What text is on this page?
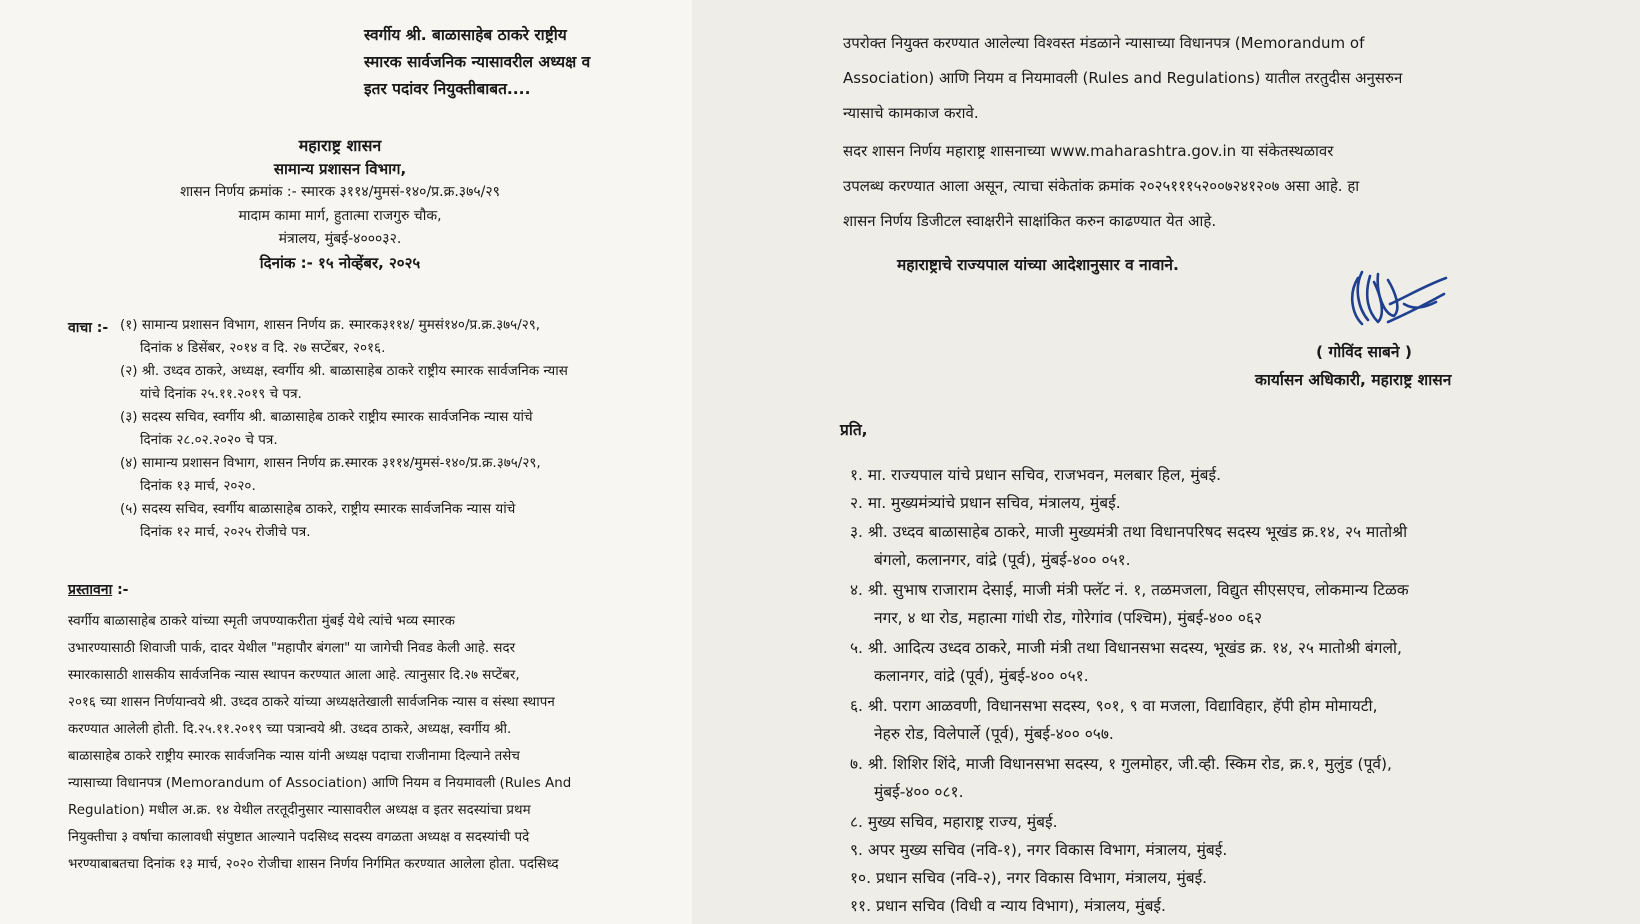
स्वर्गीय श्री. बाळासाहेब ठाकरे राष्ट्रीय
स्मारक सार्वजनिक न्यासावरील अध्यक्ष व
इतर पदांवर नियुक्तीबाबत....
महाराष्ट्र शासन
सामान्य प्रशासन विभाग,
शासन निर्णय क्रमांक :- स्मारक ३११४/मुमसं-१४०/प्र.क्र.३७५/२९
मादाम कामा मार्ग, हुतात्मा राजगुरु चौक,
मंत्रालय, मुंबई-४०००३२.
दिनांक :- १५ नोव्हेंबर, २०२५
वाचा :- (१) सामान्य प्रशासन विभाग, शासन निर्णय क्र. स्मारक३११४/ मुमसं१४०/प्र.क्र.३७५/२९,
दिनांक ४ डिसेंबर, २०१४ व दि. २७ सप्टेंबर, २०१६.
(२) श्री. उध्दव ठाकरे, अध्यक्ष, स्वर्गीय श्री. बाळासाहेब ठाकरे राष्ट्रीय स्मारक सार्वजनिक न्यास
यांचे दिनांक २५.११.२०१९ चे पत्र.
(३) सदस्य सचिव, स्वर्गीय श्री. बाळासाहेब ठाकरे राष्ट्रीय स्मारक सार्वजनिक न्यास यांचे
दिनांक २८.०२.२०२० चे पत्र.
(४) सामान्य प्रशासन विभाग, शासन निर्णय क्र.स्मारक ३११४/मुमसं-१४०/प्र.क्र.३७५/२९,
दिनांक १३ मार्च, २०२०.
(५) सदस्य सचिव, स्वर्गीय बाळासाहेब ठाकरे, राष्ट्रीय स्मारक सार्वजनिक न्यास यांचे
दिनांक १२ मार्च, २०२५ रोजीचे पत्र.
प्रस्तावना :-
स्वर्गीय बाळासाहेब ठाकरे यांच्या स्मृती जपण्याकरीता मुंबई येथे त्यांचे भव्य स्मारक
उभारण्यासाठी शिवाजी पार्क, दादर येथील "महापौर बंगला" या जागेची निवड केली आहे. सदर
स्मारकासाठी शासकीय सार्वजनिक न्यास स्थापन करण्यात आला आहे. त्यानुसार दि.२७ सप्टेंबर,
२०१६ च्या शासन निर्णयान्वये श्री. उध्दव ठाकरे यांच्या अध्यक्षतेखाली सार्वजनिक न्यास व संस्था स्थापन
करण्यात आलेली होती. दि.२५.११.२०१९ च्या पत्रान्वये श्री. उध्दव ठाकरे, अध्यक्ष, स्वर्गीय श्री.
बाळासाहेब ठाकरे राष्ट्रीय स्मारक सार्वजनिक न्यास यांनी अध्यक्ष पदाचा राजीनामा दिल्याने तसेच
न्यासाच्या विधानपत्र (Memorandum of Association) आणि नियम व नियमावली (Rules And
Regulation) मधील अ.क्र. १४ येथील तरतूदीनुसार न्यासावरील अध्यक्ष व इतर सदस्यांचा प्रथम
नियुक्तीचा ३ वर्षाचा कालावधी संपुष्टात आल्याने पदसिध्द सदस्य वगळता अध्यक्ष व सदस्यांची पदे
भरण्याबाबतचा दिनांक १३ मार्च, २०२० रोजीचा शासन निर्णय निर्गमित करण्यात आलेला होता. पदसिध्द
उपरोक्त नियुक्त करण्यात आलेल्या विश्वस्त मंडळाने न्यासाच्या विधानपत्र (Memorandum of
Association) आणि नियम व नियमावली (Rules and Regulations) यातील तरतुदीस अनुसरुन
न्यासाचे कामकाज करावे.
सदर शासन निर्णय महाराष्ट्र शासनाच्या www.maharashtra.gov.in या संकेतस्थळावर
उपलब्ध करण्यात आला असून, त्याचा संकेतांक क्रमांक २०२५१११५२००७२४१२०७ असा आहे. हा
शासन निर्णय डिजीटल स्वाक्षरीने साक्षांकित करुन काढण्यात येत आहे.
महाराष्ट्राचे राज्यपाल यांच्या आदेशानुसार व नावाने.
( गोविंद साबने )
कार्यासन अधिकारी, महाराष्ट्र शासन
प्रति,
१. मा. राज्यपाल यांचे प्रधान सचिव, राजभवन, मलबार हिल, मुंबई.
२. मा. मुख्यमंत्र्यांचे प्रधान सचिव, मंत्रालय, मुंबई.
३. श्री. उध्दव बाळासाहेब ठाकरे, माजी मुख्यमंत्री तथा विधानपरिषद सदस्य भूखंड क्र.१४, २५ मातोश्री
बंगलो, कलानगर, वांद्रे (पूर्व), मुंबई-४०० ०५१.
४. श्री. सुभाष राजाराम देसाई, माजी मंत्री फ्लॅट नं. १, तळमजला, विद्युत सीएसएच, लोकमान्य टिळक
नगर, ४ था रोड, महात्मा गांधी रोड, गोरेगांव (पश्चिम), मुंबई-४०० ०६२
५. श्री. आदित्य उध्दव ठाकरे, माजी मंत्री तथा विधानसभा सदस्य, भूखंड क्र. १४, २५ मातोश्री बंगलो,
कलानगर, वांद्रे (पूर्व), मुंबई-४०० ०५१.
६. श्री. पराग आळवणी, विधानसभा सदस्य, ९०१, ९ वा मजला, विद्याविहार, हॅपी होम मोमायटी,
नेहरु रोड, विलेपार्ले (पूर्व), मुंबई-४०० ०५७.
७. श्री. शिशिर शिंदे, माजी विधानसभा सदस्य, १ गुलमोहर, जी.व्ही. स्किम रोड, क्र.१, मुलुंड (पूर्व),
मुंबई-४०० ०८१.
८. मुख्य सचिव, महाराष्ट्र राज्य, मुंबई.
९. अपर मुख्य सचिव (नवि-१), नगर विकास विभाग, मंत्रालय, मुंबई.
१०. प्रधान सचिव (नवि-२), नगर विकास विभाग, मंत्रालय, मुंबई.
११. प्रधान सचिव (विधी व न्याय विभाग), मंत्रालय, मुंबई.
